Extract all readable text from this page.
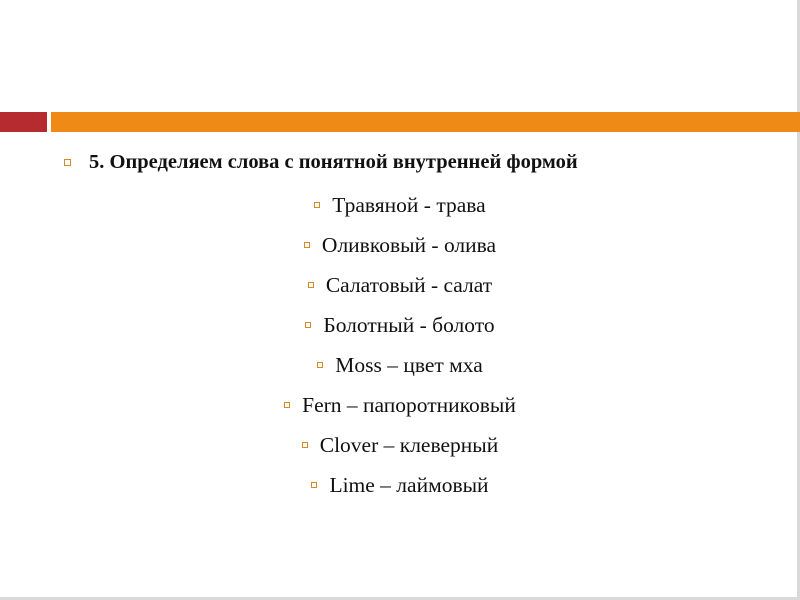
5. Определяем слова с понятной внутренней формой
Травяной - трава
Оливковый - олива
Салатовый - салат
Болотный - болото
Moss – цвет мха
Fern – папоротниковый
Clover – клеверный
Lime – лаймовый
